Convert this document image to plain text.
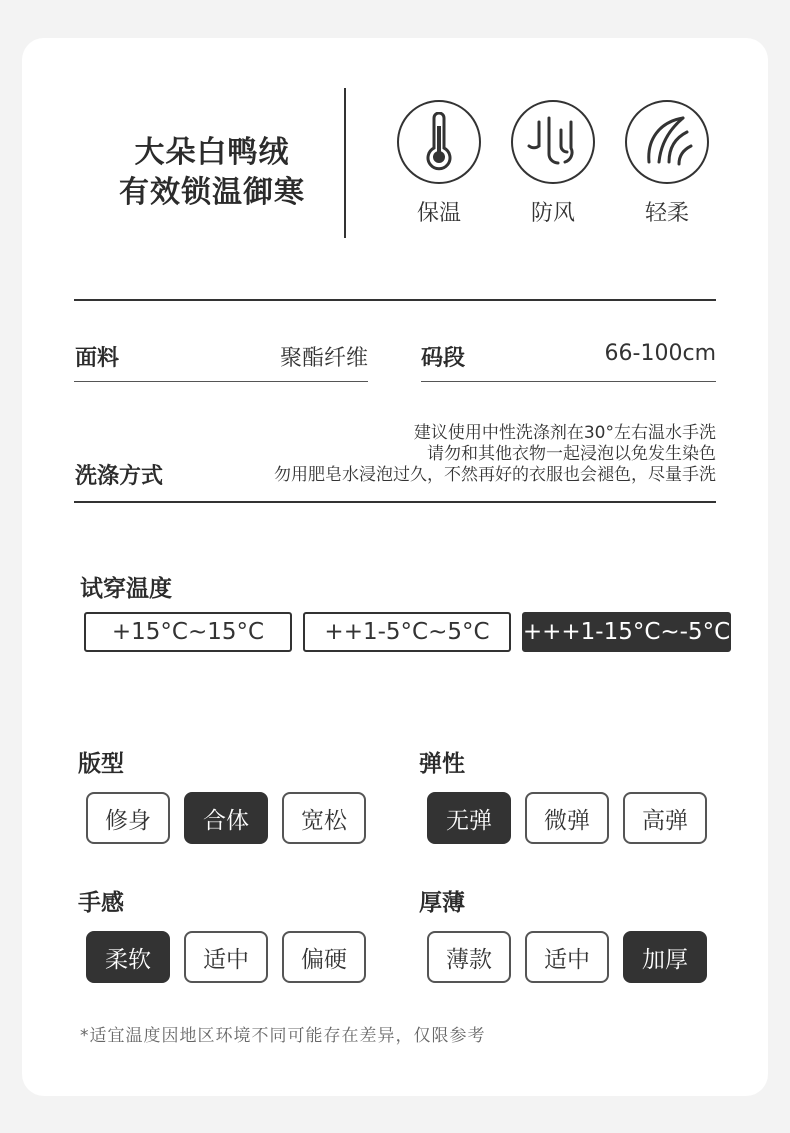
大朵白鸭绒
有效锁温御寒
保温	防风	轻柔
面料	聚酯纤维 码段	66-100cm
洗涤方式
建议使用中性洗涤剂在30°左右温水手洗
请勿和其他衣物一起浸泡以免发生染色
勿用肥皂水浸泡过久，不然再好的衣服也会褪色，尽量手洗
试穿温度
+15°C~15°C	++1-5°C~5°C	+++1-15°C~-5°C
版型
修身	合体	宽松
弹性
无弹	微弹	高弹
手感
柔软	适中	偏硬
厚薄
薄款	适中	加厚
*适宜温度因地区环境不同可能存在差异，仅限参考
